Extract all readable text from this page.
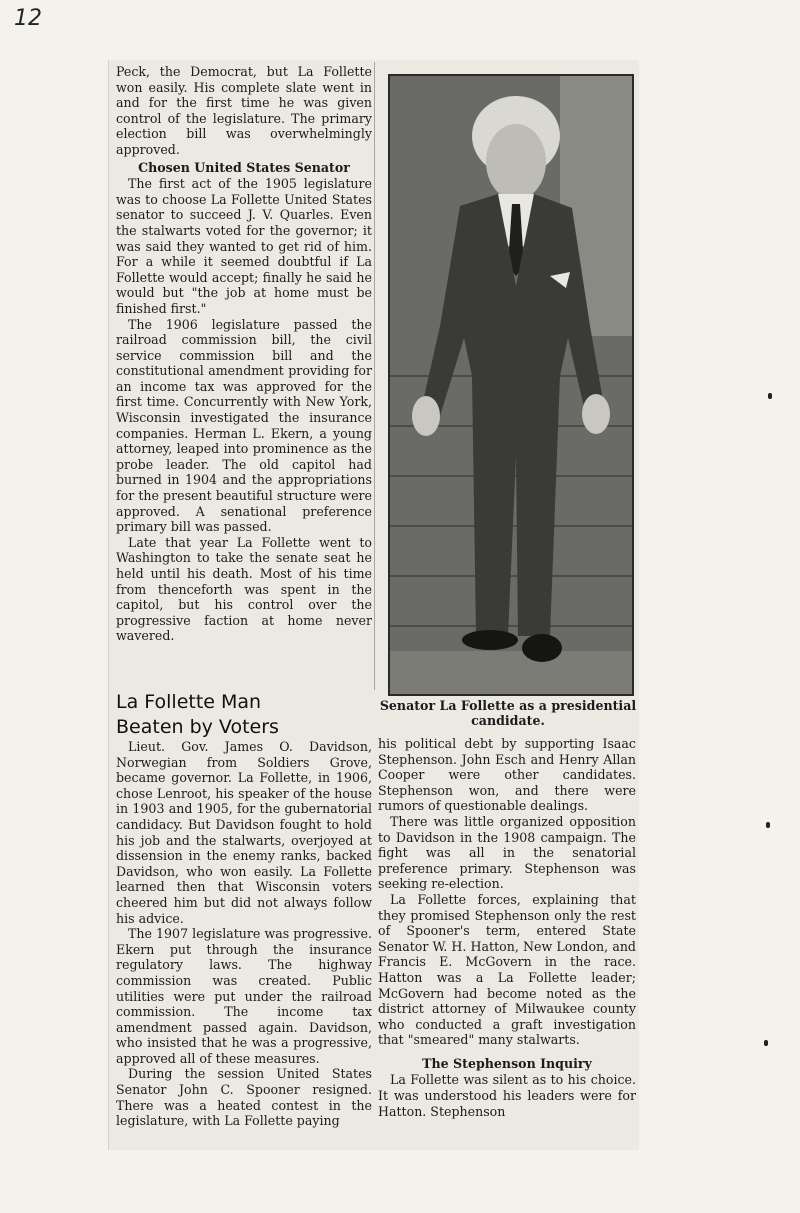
12

Peck, the Democrat, but La Follette won easily. His complete slate went in and for the first time he was given control of the legislature. The primary election bill was overwhelmingly approved.

Chosen United States Senator

The first act of the 1905 legislature was to choose La Follette United States senator to succeed J. V. Quarles. Even the stalwarts voted for the governor; it was said they wanted to get rid of him. For a while it seemed doubtful if La Follette would accept; finally he said he would but "the job at home must be finished first."

The 1906 legislature passed the railroad commission bill, the civil service commission bill and the constitutional amendment providing for an income tax was approved for the first time. Concurrently with New York, Wisconsin investigated the insurance companies. Herman L. Ekern, a young attorney, leaped into prominence as the probe leader. The old capitol had burned in 1904 and the appropriations for the present beautiful structure were approved. A senational preference primary bill was passed.

Late that year La Follette went to Washington to take the senate seat he held until his death. Most of his time from thenceforth was spent in the capitol, but his control over the progressive faction at home never wavered.

La Follette Man
Beaten by Voters

Lieut. Gov. James O. Davidson, Norwegian from Soldiers Grove, became governor. La Follette, in 1906, chose Lenroot, his speaker of the house in 1903 and 1905, for the gubernatorial candidacy. But Davidson fought to hold his job and the stalwarts, overjoyed at dissension in the enemy ranks, backed Davidson, who won easily. La Follette learned then that Wisconsin voters cheered him but did not always follow his advice.

The 1907 legislature was progressive. Ekern put through the insurance regulatory laws. The highway commission was created. Public utilities were put under the railroad commission. The income tax amendment passed again. Davidson, who insisted that he was a progressive, approved all of these measures.

During the session United States Senator John C. Spooner resigned. There was a heated contest in the legislature, with La Follette paying

Senator La Follette as a presidential candidate.

his political debt by supporting Isaac Stephenson. John Esch and Henry Allan Cooper were other candidates. Stephenson won, and there were rumors of questionable dealings.

There was little organized opposition to Davidson in the 1908 campaign. The fight was all in the senatorial preference primary. Stephenson was seeking re-election.

La Follette forces, explaining that they promised Stephenson only the rest of Spooner's term, entered State Senator W. H. Hatton, New London, and Francis E. McGovern in the race. Hatton was a La Follette leader; McGovern had become noted as the district attorney of Milwaukee county who conducted a graft investigation that "smeared" many stalwarts.

The Stephenson Inquiry

La Follette was silent as to his choice. It was understood his leaders were for Hatton. Stephenson
